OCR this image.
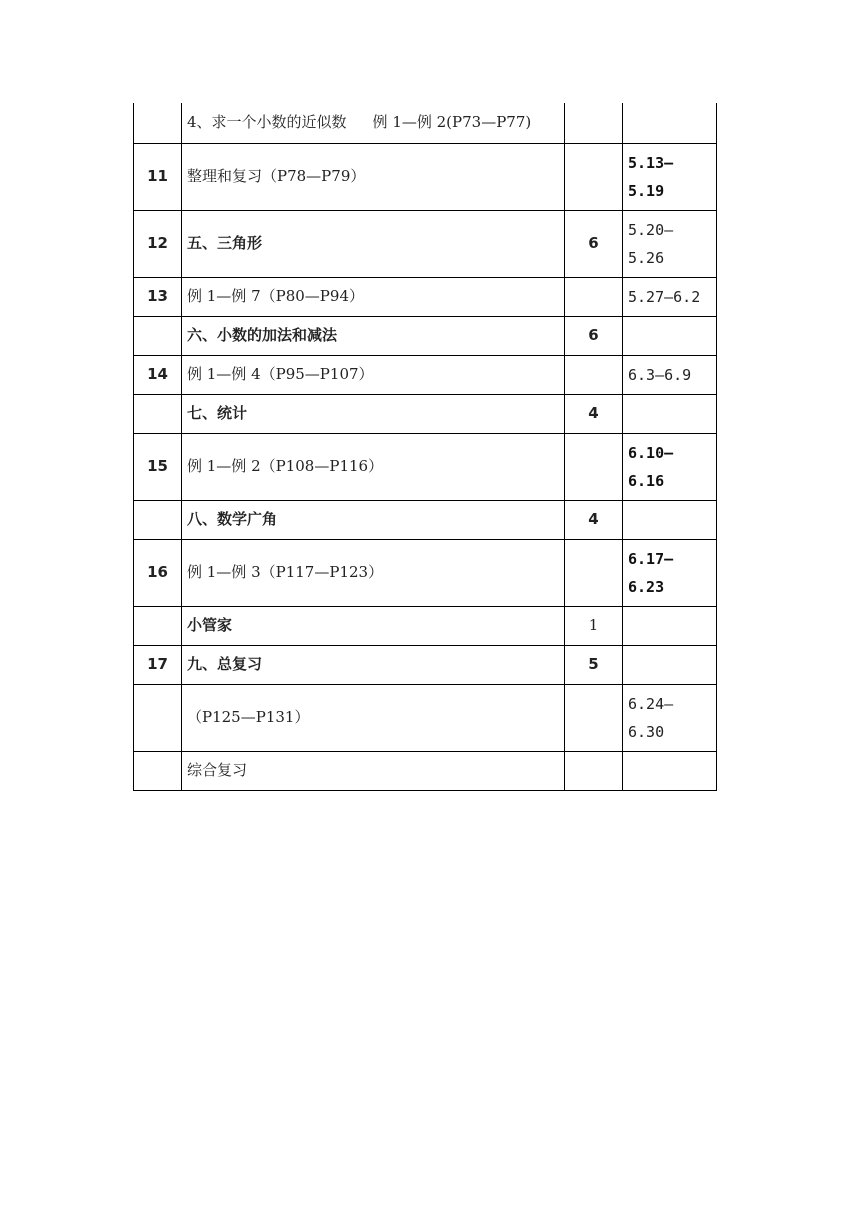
	4、求一个小数的近似数 例 1—例 2(P73—P77)		
11	整理和复习（P78—P79）		5.13—
5.19
12	五、三角形	6	5.20—
5.26
13	例 1—例 7（P80—P94）		5.27—6.2
	六、小数的加法和减法	6	
14	例 1—例 4（P95—P107）		6.3—6.9
	七、统计	4	
15	例 1—例 2（P108—P116）		6.10—
6.16
	八、数学广角	4	
16	例 1—例 3（P117—P123）		6.17—
6.23
	小管家	1	
17	九、总复习	5	
	（P125—P131）		6.24—
6.30
	综合复习		
